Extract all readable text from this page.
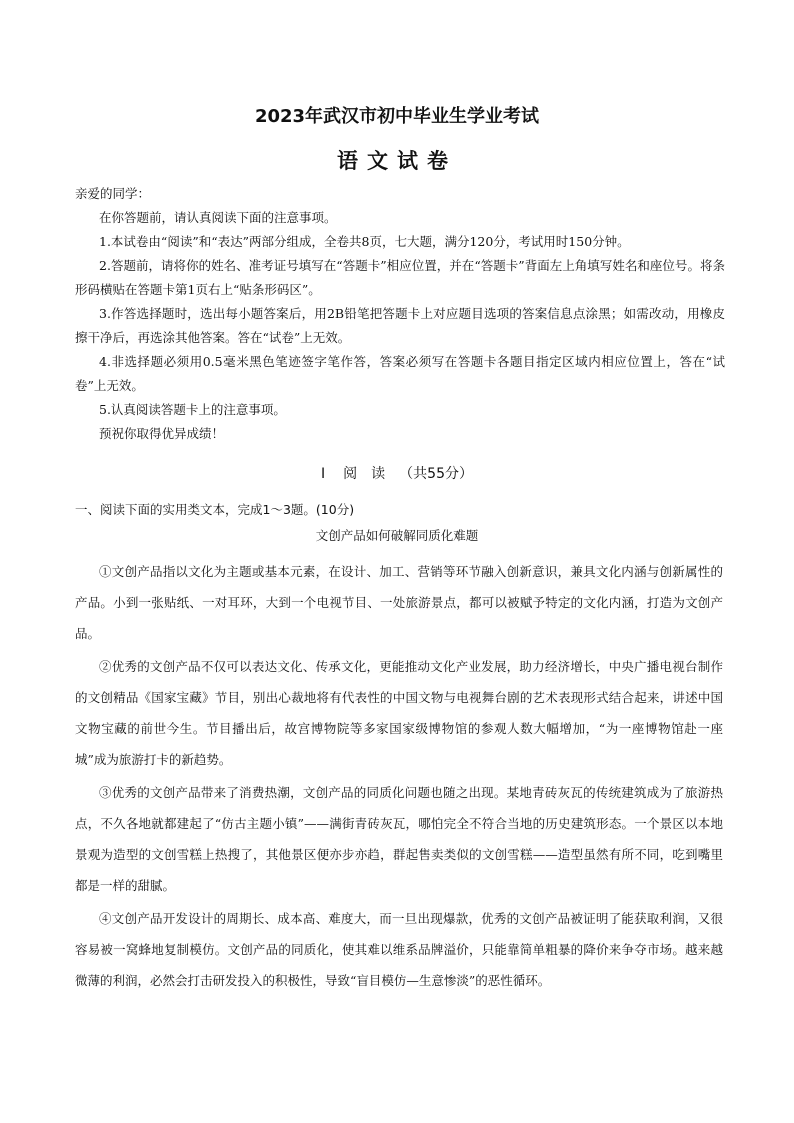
2023年武汉市初中毕业生学业考试
语文试卷

亲爱的同学：

在你答题前，请认真阅读下面的注意事项。

1.本试卷由“阅读”和“表达”两部分组成，全卷共8页，七大题，满分120分，考试用时150分钟。

2.答题前，请将你的姓名、准考证号填写在“答题卡”相应位置，并在“答题卡”背面左上角填写姓名和座位号。将条形码横贴在答题卡第1页右上“贴条形码区”。

3.作答选择题时，选出每小题答案后，用2B铅笔把答题卡上对应题目选项的答案信息点涂黑；如需改动，用橡皮擦干净后，再选涂其他答案。答在“试卷”上无效。

4.非选择题必须用0.5毫米黑色笔迹签字笔作答，答案必须写在答题卡各题目指定区域内相应位置上，答在“试卷”上无效。

5.认真阅读答题卡上的注意事项。

预祝你取得优异成绩！

I 阅读（共55分）
一、阅读下面的实用类文本，完成1～3题。(10分)
文创产品如何破解同质化难题

①文创产品指以文化为主题或基本元素，在设计、加工、营销等环节融入创新意识，兼具文化内涵与创新属性的产品。小到一张贴纸、一对耳环，大到一个电视节目、一处旅游景点，都可以被赋予特定的文化内涵，打造为文创产品。

②优秀的文创产品不仅可以表达文化、传承文化，更能推动文化产业发展，助力经济增长，中央广播电视台制作的文创精品《国家宝藏》节目，别出心裁地将有代表性的中国文物与电视舞台剧的艺术表现形式结合起来，讲述中国文物宝藏的前世今生。节目播出后，故宫博物院等多家国家级博物馆的参观人数大幅增加，“为一座博物馆赴一座城”成为旅游打卡的新趋势。

③优秀的文创产品带来了消费热潮，文创产品的同质化问题也随之出现。某地青砖灰瓦的传统建筑成为了旅游热点，不久各地就都建起了“仿古主题小镇”——满街青砖灰瓦，哪怕完全不符合当地的历史建筑形态。一个景区以本地景观为造型的文创雪糕上热搜了，其他景区便亦步亦趋，群起售卖类似的文创雪糕——造型虽然有所不同，吃到嘴里都是一样的甜腻。

④文创产品开发设计的周期长、成本高、难度大，而一旦出现爆款，优秀的文创产品被证明了能获取利润，又很容易被一窝蜂地复制模仿。文创产品的同质化，使其难以维系品牌溢价，只能靠简单粗暴的降价来争夺市场。越来越微薄的利润，必然会打击研发投入的积极性，导致“盲目模仿—生意惨淡”的恶性循环。
